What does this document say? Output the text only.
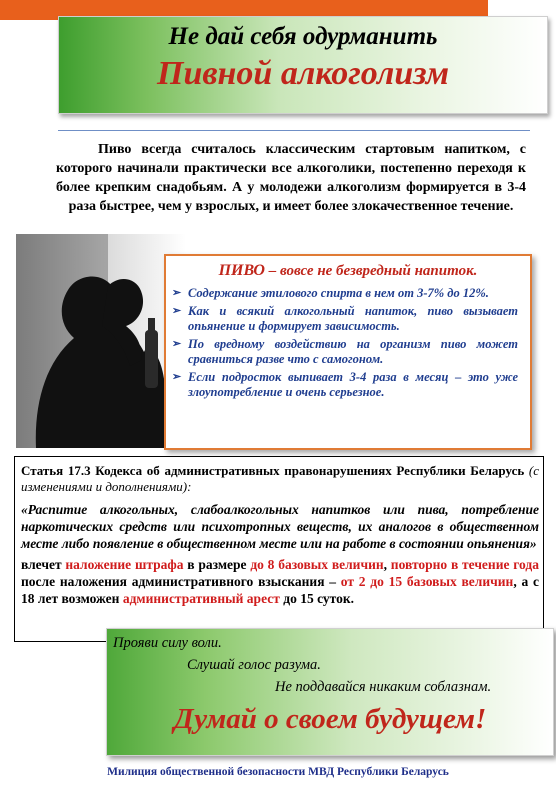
Не дай себя одурманить
Пивной алкоголизм

Пиво всегда считалось классическим стартовым напитком, с которого начинали практически все алкоголики, постепенно переходя к более крепким снадобьям. А у молодежи алкоголизм формируется в 3-4 раза быстрее, чем у взрослых, и имеет более злокачественное течение.

ПИВО – вовсе не безвредный напиток.
➢ Содержание этилового спирта в нем от 3-7% до 12%.
➢ Как и всякий алкогольный напиток, пиво вызывает опьянение и формирует зависимость.
➢ По вредному воздействию на организм пиво может сравниться разве что с самогоном.
➢ Если подросток выпивает 3-4 раза в месяц – это уже злоупотребление и очень серьезное.

Статья 17.3 Кодекса об административных правонарушениях Республики Беларусь (с изменениями и дополнениями):

«Распитие алкогольных, слабоалкогольных напитков или пива, потребление наркотических средств или психотропных веществ, их аналогов в общественном месте либо появление в общественном месте или на работе в состоянии опьянения»

влечет наложение штрафа в размере до 8 базовых величин, повторно в течение года после наложения административного взыскания – от 2 до 15 базовых величин, а с 18 лет возможен административный арест до 15 суток.

Прояви силу воли.
Слушай голос разума.
Не поддавайся никаким соблазнам.
Думай о своем будущем!
Милиция общественной безопасности МВД Республики Беларусь
